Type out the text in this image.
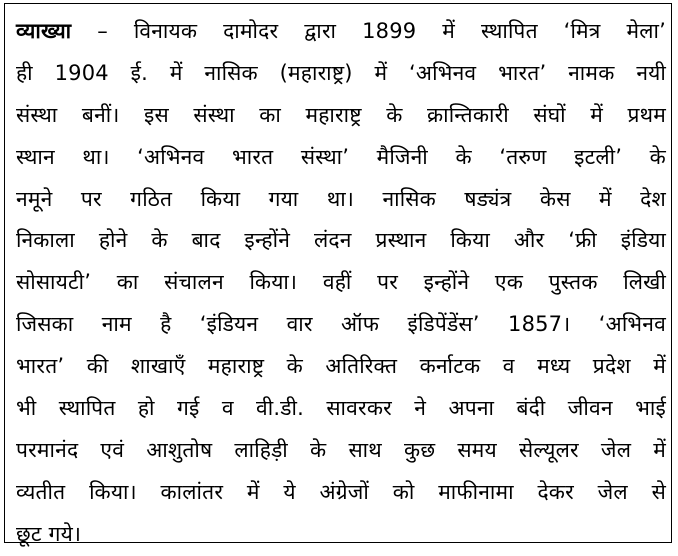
व्याख्या – विनायक दामोदर द्वारा 1899 में स्थापित ‘मित्र मेला’
ही 1904 ई. में नासिक (महाराष्ट्र) में ‘अभिनव भारत’ नामक नयी
संस्था बनीं। इस संस्था का महाराष्ट्र के क्रान्तिकारी संघों में प्रथम
स्थान था। ‘अभिनव भारत संस्था’ मैजिनी के ‘तरुण इटली’ के
नमूने पर गठित किया गया था। नासिक षड्यंत्र केस में देश
निकाला होने के बाद इन्होंने लंदन प्रस्थान किया और ‘फ्री इंडिया
सोसायटी’ का संचालन किया। वहीं पर इन्होंने एक पुस्तक लिखी
जिसका नाम है ‘इंडियन वार ऑफ इंडिपेंडेंस’ 1857। ‘अभिनव
भारत’ की शाखाएँ महाराष्ट्र के अतिरिक्त कर्नाटक व मध्य प्रदेश में
भी स्थापित हो गई व वी.डी. सावरकर ने अपना बंदी जीवन भाई
परमानंद एवं आशुतोष लाहिड़ी के साथ कुछ समय सेल्यूलर जेल में
व्यतीत किया। कालांतर में ये अंग्रेजों को माफीनामा देकर जेल से
छूट गये।
